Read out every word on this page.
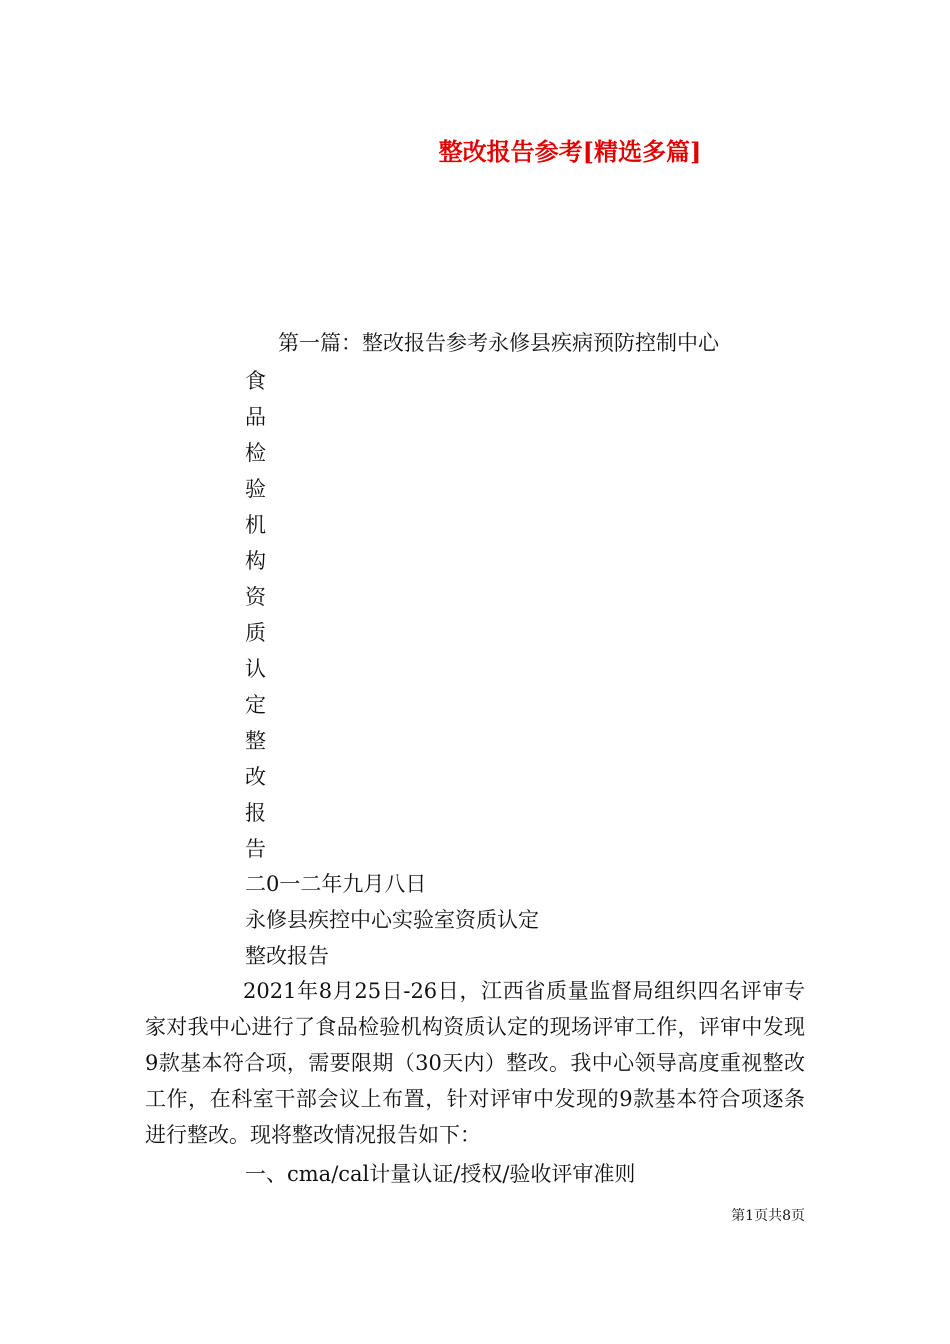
整改报告参考[精选多篇]
第一篇：整改报告参考永修县疾病预防控制中心
食
品
检
验
机
构
资
质
认
定
整
改
报
告
二0一二年九月八日
永修县疾控中心实验室资质认定
整改报告
2021年8月25日-26日，江西省质量监督局组织四名评审专家对我中心进行了食品检验机构资质认定的现场评审工作，评审中发现9款基本符合项，需要限期（30天内）整改。我中心领导高度重视整改工作，在科室干部会议上布置，针对评审中发现的9款基本符合项逐条进行整改。现将整改情况报告如下：
一、cma/cal计量认证/授权/验收评审准则
第1页共8页
